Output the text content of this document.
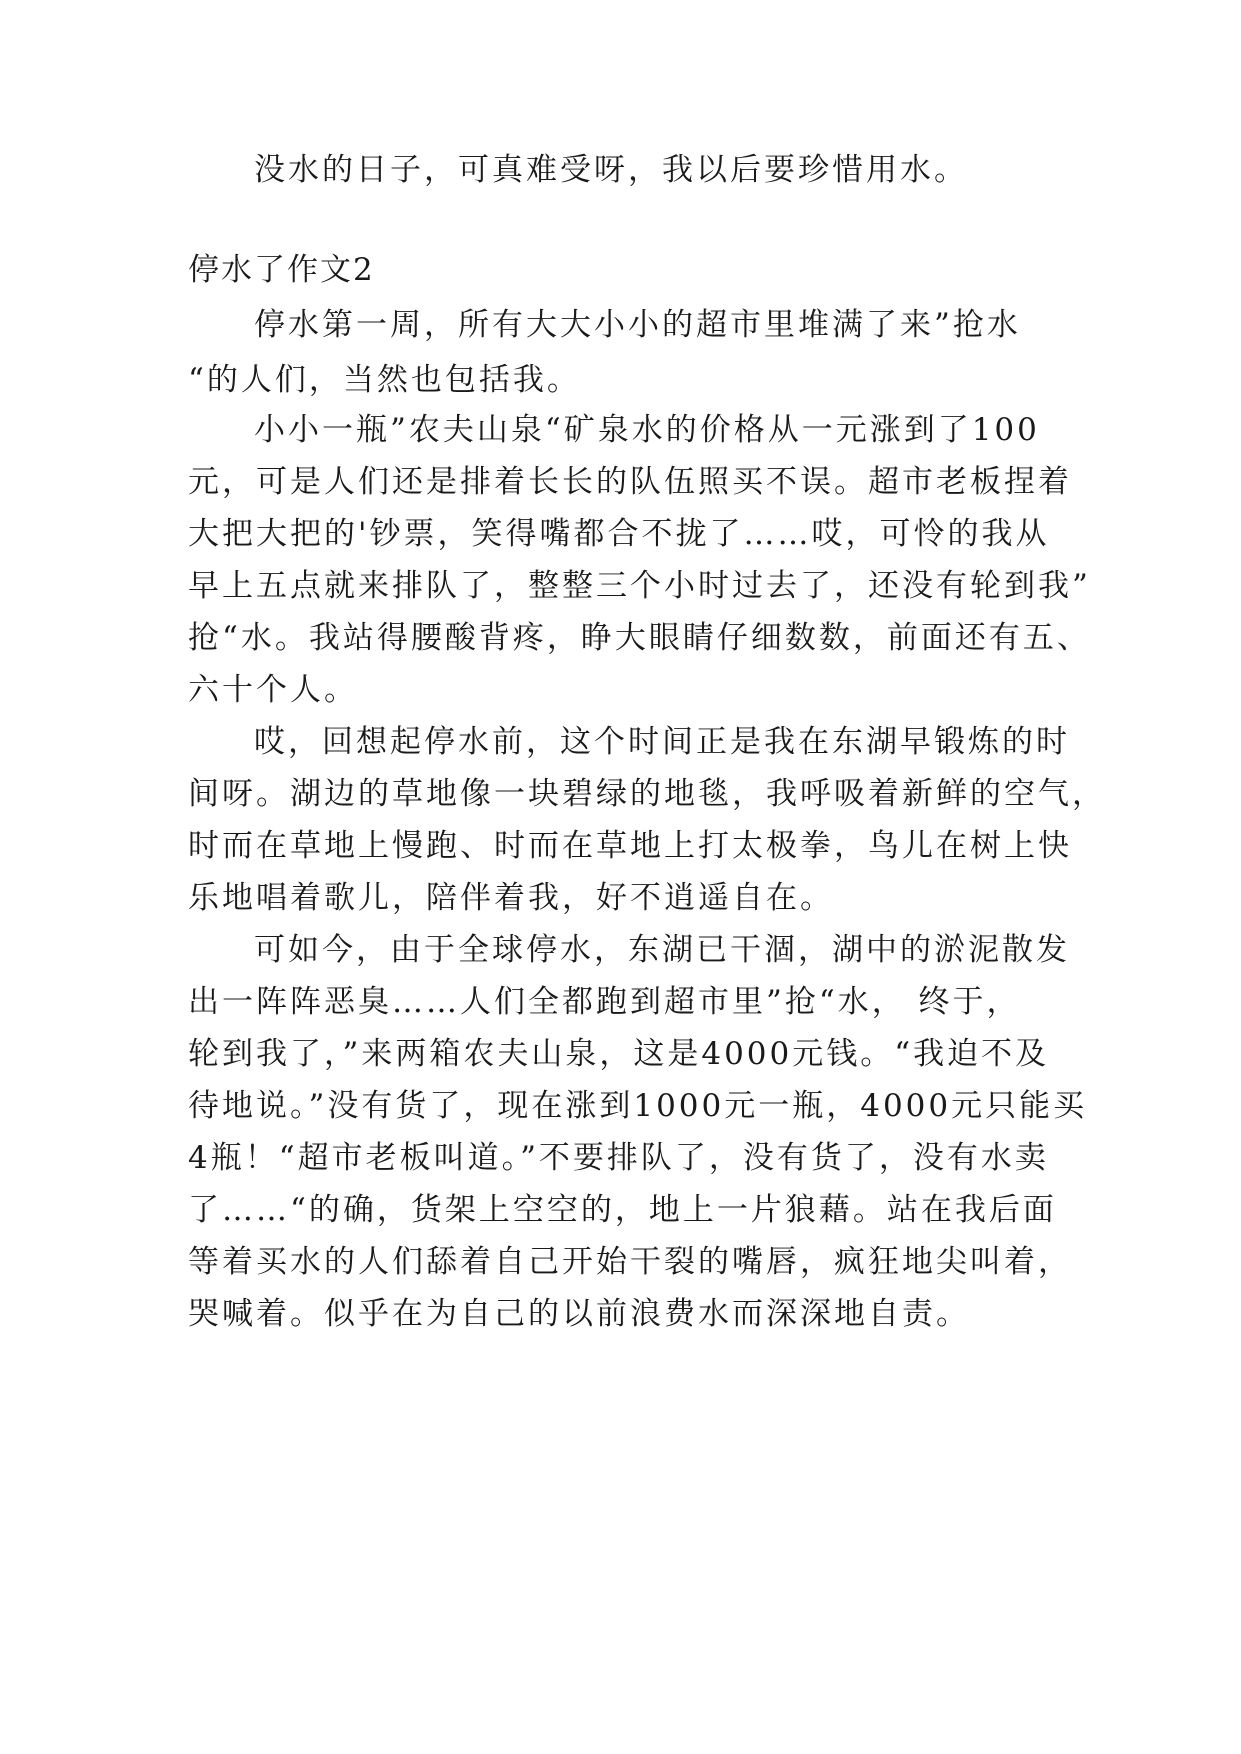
没水的日子，可真难受呀，我以后要珍惜用水。
停水了作文2
停水第一周，所有大大小小的超市里堆满了来”抢水
“的人们，当然也包括我。
小小一瓶”农夫山泉“矿泉水的价格从一元涨到了100
元，可是人们还是排着长长的队伍照买不误。超市老板捏着
大把大把的'钞票，笑得嘴都合不拢了……哎，可怜的我从
早上五点就来排队了，整整三个小时过去了，还没有轮到我”
抢“水。我站得腰酸背疼，睁大眼睛仔细数数，前面还有五、
六十个人。
哎，回想起停水前，这个时间正是我在东湖早锻炼的时
间呀。湖边的草地像一块碧绿的地毯，我呼吸着新鲜的空气，
时而在草地上慢跑、时而在草地上打太极拳，鸟儿在树上快
乐地唱着歌儿，陪伴着我，好不逍遥自在。
可如今，由于全球停水，东湖已干涸，湖中的淤泥散发
出一阵阵恶臭……人们全都跑到超市里”抢“水， 终于，
轮到我了，”来两箱农夫山泉，这是4000元钱。“我迫不及
待地说。”没有货了，现在涨到1000元一瓶，4000元只能买
4瓶！“超市老板叫道。”不要排队了，没有货了，没有水卖
了……“的确，货架上空空的，地上一片狼藉。站在我后面
等着买水的人们舔着自己开始干裂的嘴唇，疯狂地尖叫着，
哭喊着。似乎在为自己的以前浪费水而深深地自责。
